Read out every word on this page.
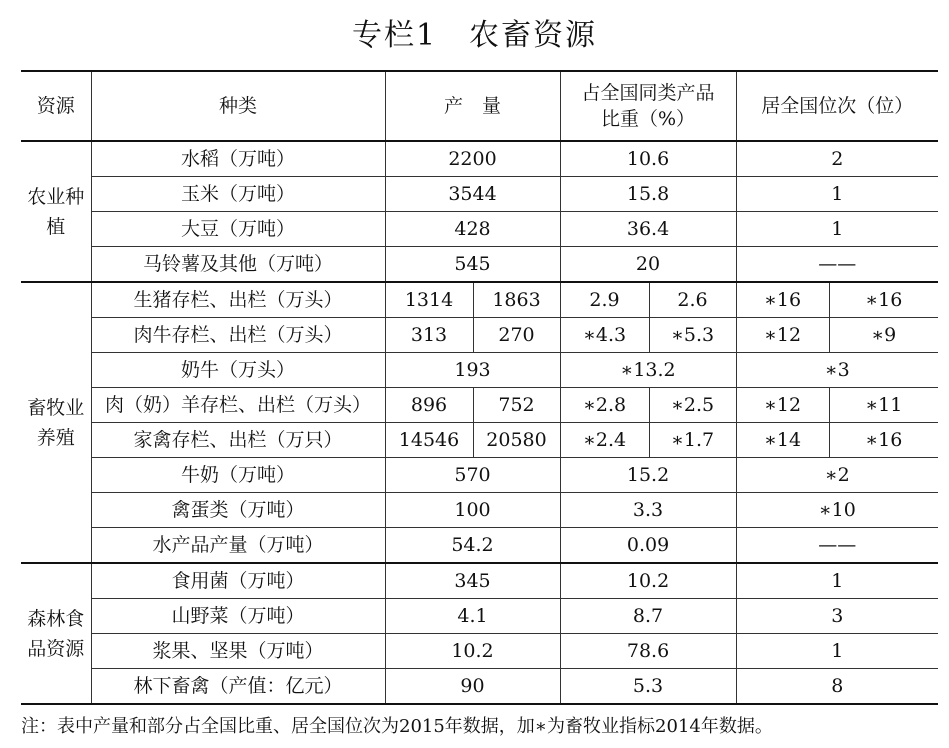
专栏1　农畜资源
资源	种类	产　量		占全国同类产品比重（%）		居全国位次（位）	
农业种植	水稻（万吨）	2200		10.6		2	
	玉米（万吨）	3544		15.8		1	
	大豆（万吨）	428		36.4		1	
	马铃薯及其他（万吨）	545		20		——	
畜牧业养殖	生猪存栏、出栏（万头）	1314	1863	2.9	2.6	∗16	∗16
	肉牛存栏、出栏（万头）	313	270	∗4.3	∗5.3	∗12	∗9
	奶牛（万头）	193		∗13.2		∗3	
	肉（奶）羊存栏、出栏（万头）	896	752	∗2.8	∗2.5	∗12	∗11
	家禽存栏、出栏（万只）	14546	20580	∗2.4	∗1.7	∗14	∗16
	牛奶（万吨）	570		15.2		∗2	
	禽蛋类（万吨）	100		3.3		∗10	
	水产品产量（万吨）	54.2		0.09		——	
森林食品资源	食用菌（万吨）	345		10.2		1	
	山野菜（万吨）	4.1		8.7		3	
	浆果、坚果（万吨）	10.2		78.6		1	
	林下畜禽（产值：亿元）	90		5.3		8	
注：表中产量和部分占全国比重、居全国位次为2015年数据，加∗为畜牧业指标2014年数据。
